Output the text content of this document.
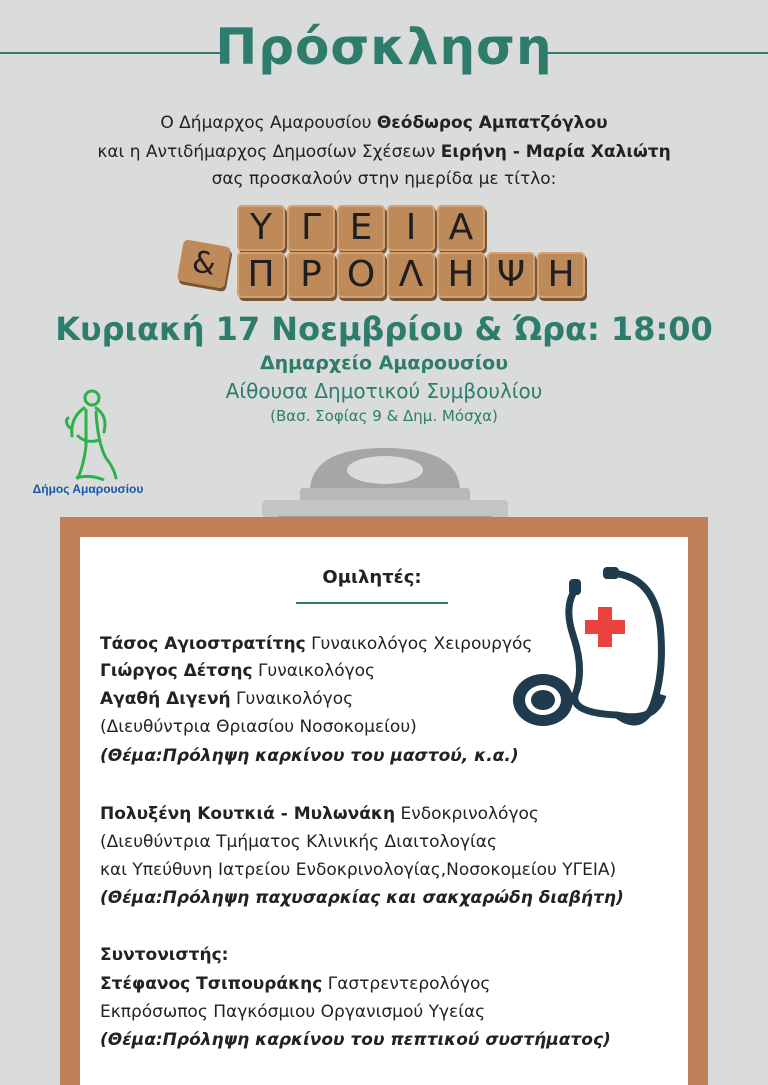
Πρόσκληση
Ο Δήμαρχος Αμαρουσίου Θεόδωρος Αμπατζόγλου
και η Αντιδήμαρχος Δημοσίων Σχέσεων Ειρήνη - Μαρία Χαλιώτη
σας προσκαλούν στην ημερίδα με τίτλο:
Υ Γ Ε Ι Α
& Π Ρ Ο Λ Η Ψ Η
Κυριακή 17 Νοεμβρίου & Ώρα: 18:00
Δημαρχείο Αμαρουσίου
Αίθουσα Δημοτικού Συμβουλίου
(Βασ. Σοφίας 9 & Δημ. Μόσχα)
Δήμος Αμαρουσίου
Ομιλητές:
Τάσος Αγιοστρατίτης Γυναικολόγος Χειρουργός
Γιώργος Δέτσης Γυναικολόγος
Αγαθή Διγενή Γυναικολόγος
(Διευθύντρια Θριασίου Νοσοκομείου)
(Θέμα:Πρόληψη καρκίνου του μαστού, κ.α.)
Πολυξένη Κουτκιά - Μυλωνάκη Ενδοκρινολόγος
(Διευθύντρια Τμήματος Κλινικής Διαιτολογίας
και Υπεύθυνη Ιατρείου Ενδοκρινολογίας,Νοσοκομείου ΥΓΕΙΑ)
(Θέμα:Πρόληψη παχυσαρκίας και σακχαρώδη διαβήτη)
Συντονιστής:
Στέφανος Τσιπουράκης Γαστρεντερολόγος
Εκπρόσωπος Παγκόσμιου Οργανισμού Υγείας
(Θέμα:Πρόληψη καρκίνου του πεπτικού συστήματος)
